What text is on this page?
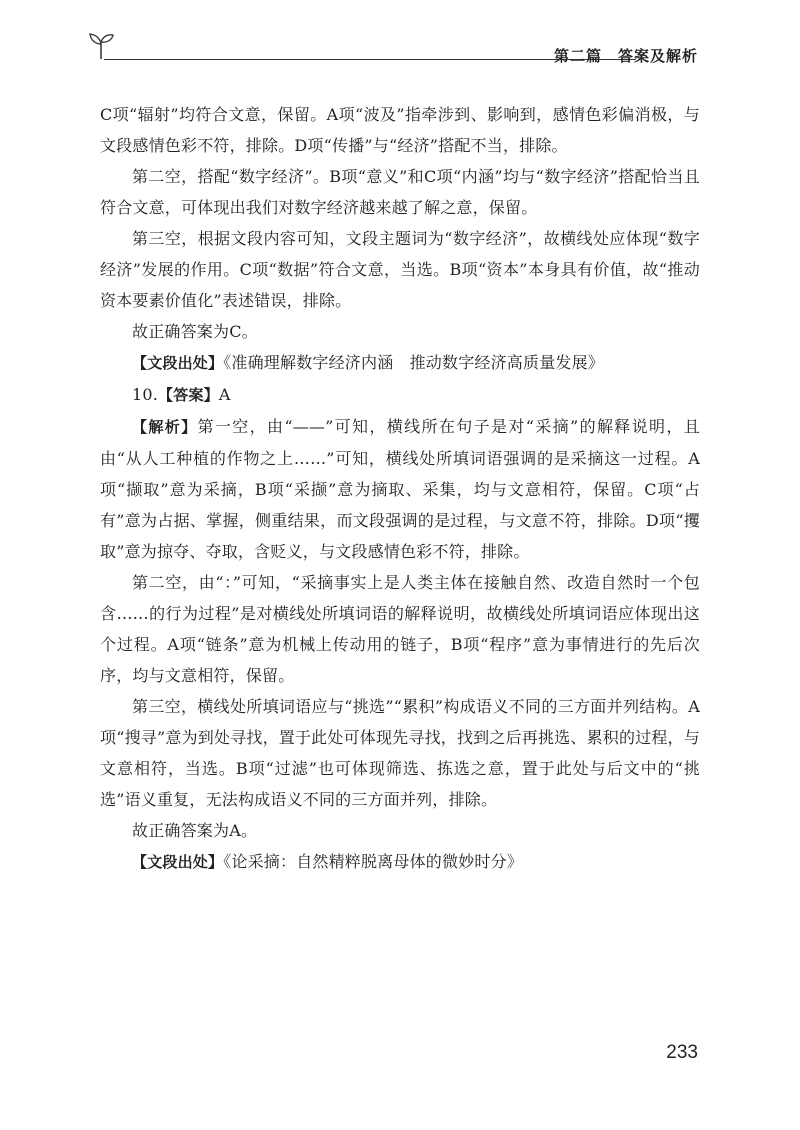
第二篇　答案及解析

C项“辐射”均符合文意，保留。A项“波及”指牵涉到、影响到，感情色彩偏消极，与文段感情色彩不符，排除。D项“传播”与“经济”搭配不当，排除。

第二空，搭配“数字经济”。B项“意义”和C项“内涵”均与“数字经济”搭配恰当且符合文意，可体现出我们对数字经济越来越了解之意，保留。

第三空，根据文段内容可知，文段主题词为“数字经济”，故横线处应体现“数字经济”发展的作用。C项“数据”符合文意，当选。B项“资本”本身具有价值，故“推动资本要素价值化”表述错误，排除。

故正确答案为C。

【文段出处】《准确理解数字经济内涵　推动数字经济高质量发展》

10.【答案】A

【解析】第一空，由“——”可知，横线所在句子是对“采摘”的解释说明，且由“从人工种植的作物之上……”可知，横线处所填词语强调的是采摘这一过程。A项“撷取”意为采摘，B项“采撷”意为摘取、采集，均与文意相符，保留。C项“占有”意为占据、掌握，侧重结果，而文段强调的是过程，与文意不符，排除。D项“攫取”意为掠夺、夺取，含贬义，与文段感情色彩不符，排除。

第二空，由“：”可知，“采摘事实上是人类主体在接触自然、改造自然时一个包含……的行为过程”是对横线处所填词语的解释说明，故横线处所填词语应体现出这个过程。A项“链条”意为机械上传动用的链子，B项“程序”意为事情进行的先后次序，均与文意相符，保留。

第三空，横线处所填词语应与“挑选”“累积”构成语义不同的三方面并列结构。A项“搜寻”意为到处寻找，置于此处可体现先寻找，找到之后再挑选、累积的过程，与文意相符，当选。B项“过滤”也可体现筛选、拣选之意，置于此处与后文中的“挑选”语义重复，无法构成语义不同的三方面并列，排除。

故正确答案为A。

【文段出处】《论采摘：自然精粹脱离母体的微妙时分》

233
